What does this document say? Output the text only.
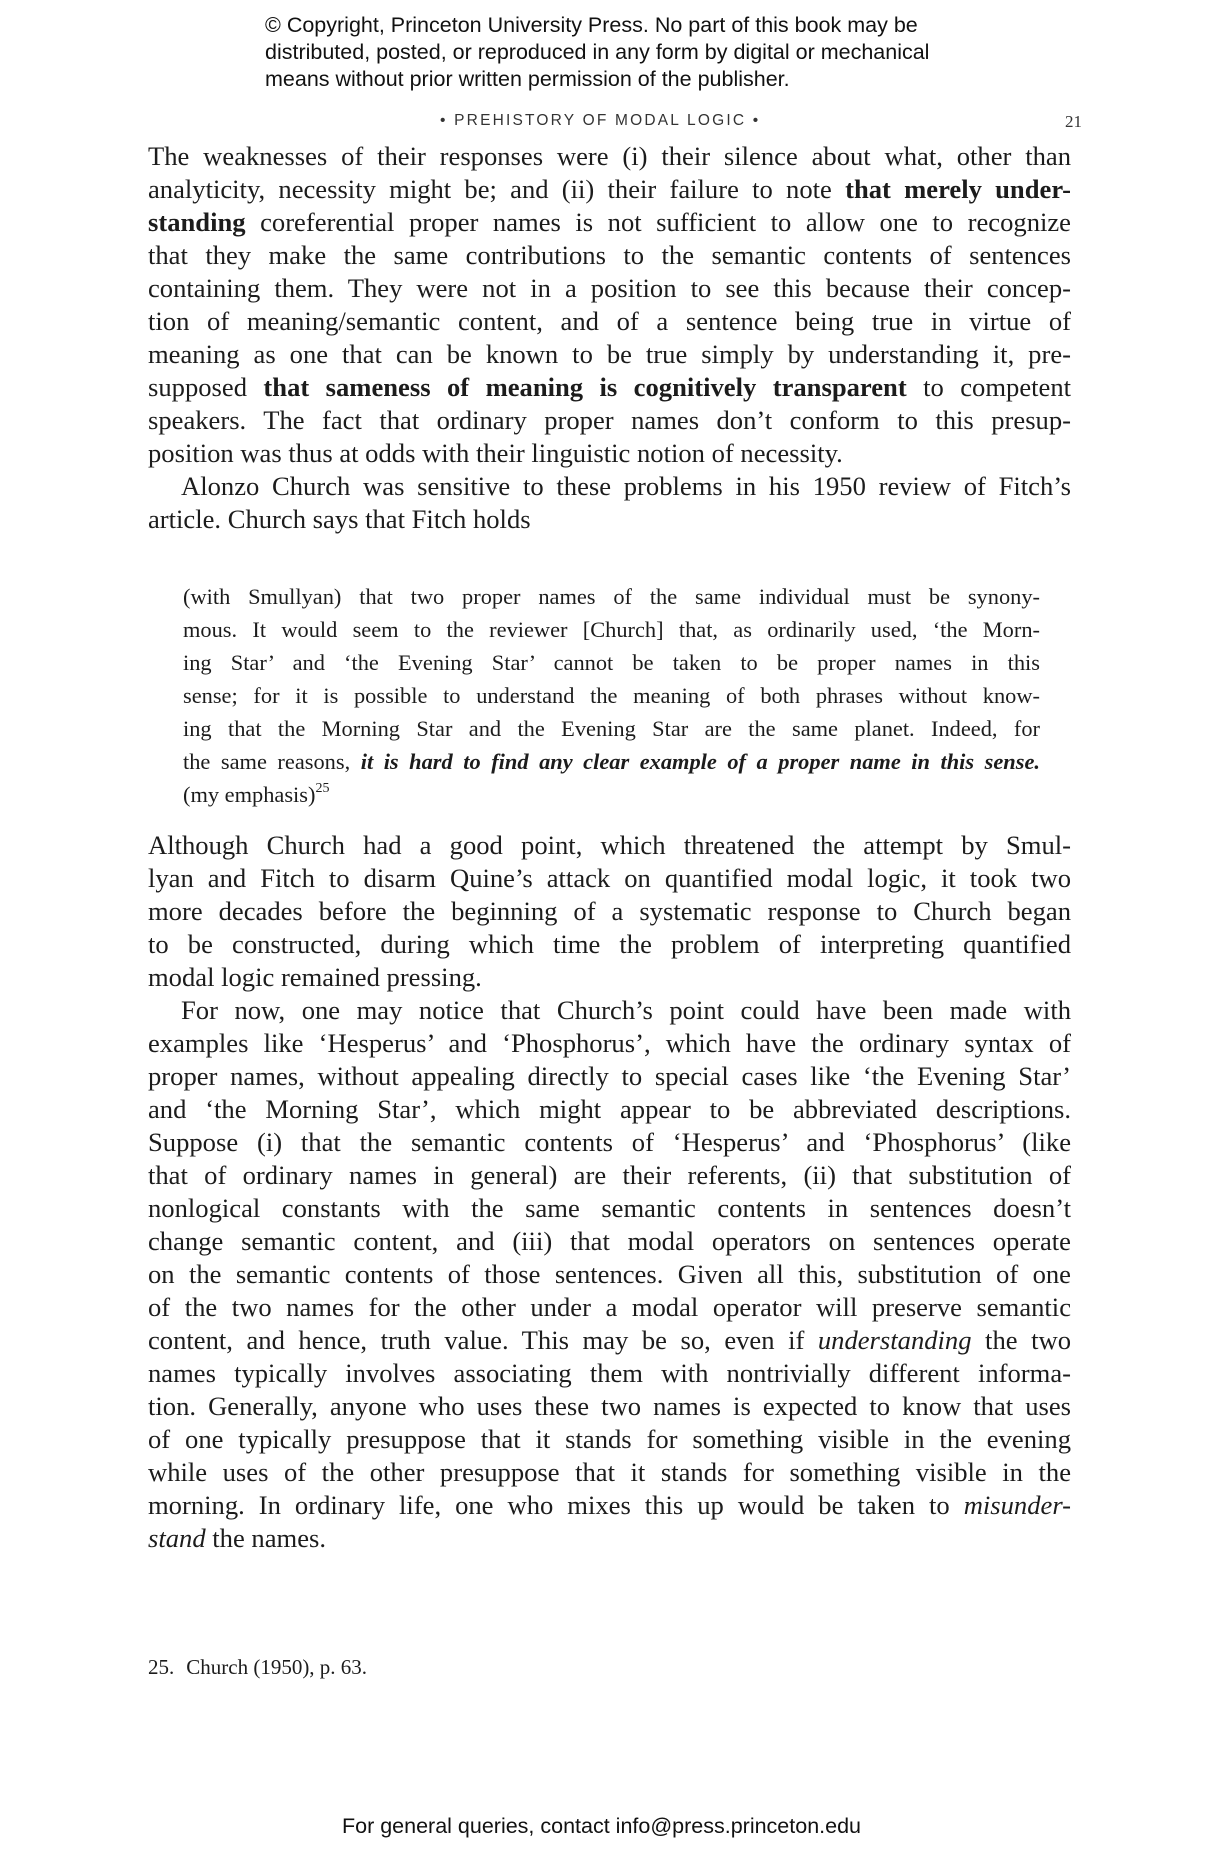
© Copyright, Princeton University Press. No part of this book may be
distributed, posted, or reproduced in any form by digital or mechanical
means without prior written permission of the publisher.
• PREHISTORY OF MODAL LOGIC •	21
The weaknesses of their responses were (i) their silence about what, other than
analyticity, necessity might be; and (ii) their failure to note that merely under-
standing coreferential proper names is not sufficient to allow one to recognize
that they make the same contributions to the semantic contents of sentences
containing them. They were not in a position to see this because their concep-
tion of meaning/semantic content, and of a sentence being true in virtue of
meaning as one that can be known to be true simply by understanding it, pre-
supposed that sameness of meaning is cognitively transparent to competent
speakers. The fact that ordinary proper names don’t conform to this presup-
position was thus at odds with their linguistic notion of necessity.
Alonzo Church was sensitive to these problems in his 1950 review of Fitch’s
article. Church says that Fitch holds
(with Smullyan) that two proper names of the same individual must be synony-
mous. It would seem to the reviewer [Church] that, as ordinarily used, ‘the Morn-
ing Star’ and ‘the Evening Star’ cannot be taken to be proper names in this
sense; for it is possible to understand the meaning of both phrases without know-
ing that the Morning Star and the Evening Star are the same planet. Indeed, for
the same reasons, it is hard to find any clear example of a proper name in this sense.
(my emphasis)$^{25}$
Although Church had a good point, which threatened the attempt by Smul-
lyan and Fitch to disarm Quine’s attack on quantified modal logic, it took two
more decades before the beginning of a systematic response to Church began
to be constructed, during which time the problem of interpreting quantified
modal logic remained pressing.
For now, one may notice that Church’s point could have been made with
examples like ‘Hesperus’ and ‘Phosphorus’, which have the ordinary syntax of
proper names, without appealing directly to special cases like ‘the Evening Star’
and ‘the Morning Star’, which might appear to be abbreviated descriptions.
Suppose (i) that the semantic contents of ‘Hesperus’ and ‘Phosphorus’ (like
that of ordinary names in general) are their referents, (ii) that substitution of
nonlogical constants with the same semantic contents in sentences doesn’t
change semantic content, and (iii) that modal operators on sentences operate
on the semantic contents of those sentences. Given all this, substitution of one
of the two names for the other under a modal operator will preserve semantic
content, and hence, truth value. This may be so, even if understanding the two
names typically involves associating them with nontrivially different informa-
tion. Generally, anyone who uses these two names is expected to know that uses
of one typically presuppose that it stands for something visible in the evening
while uses of the other presuppose that it stands for something visible in the
morning. In ordinary life, one who mixes this up would be taken to misunder-
stand the names.
25. Church (1950), p. 63.
For general queries, contact info@press.princeton.edu
